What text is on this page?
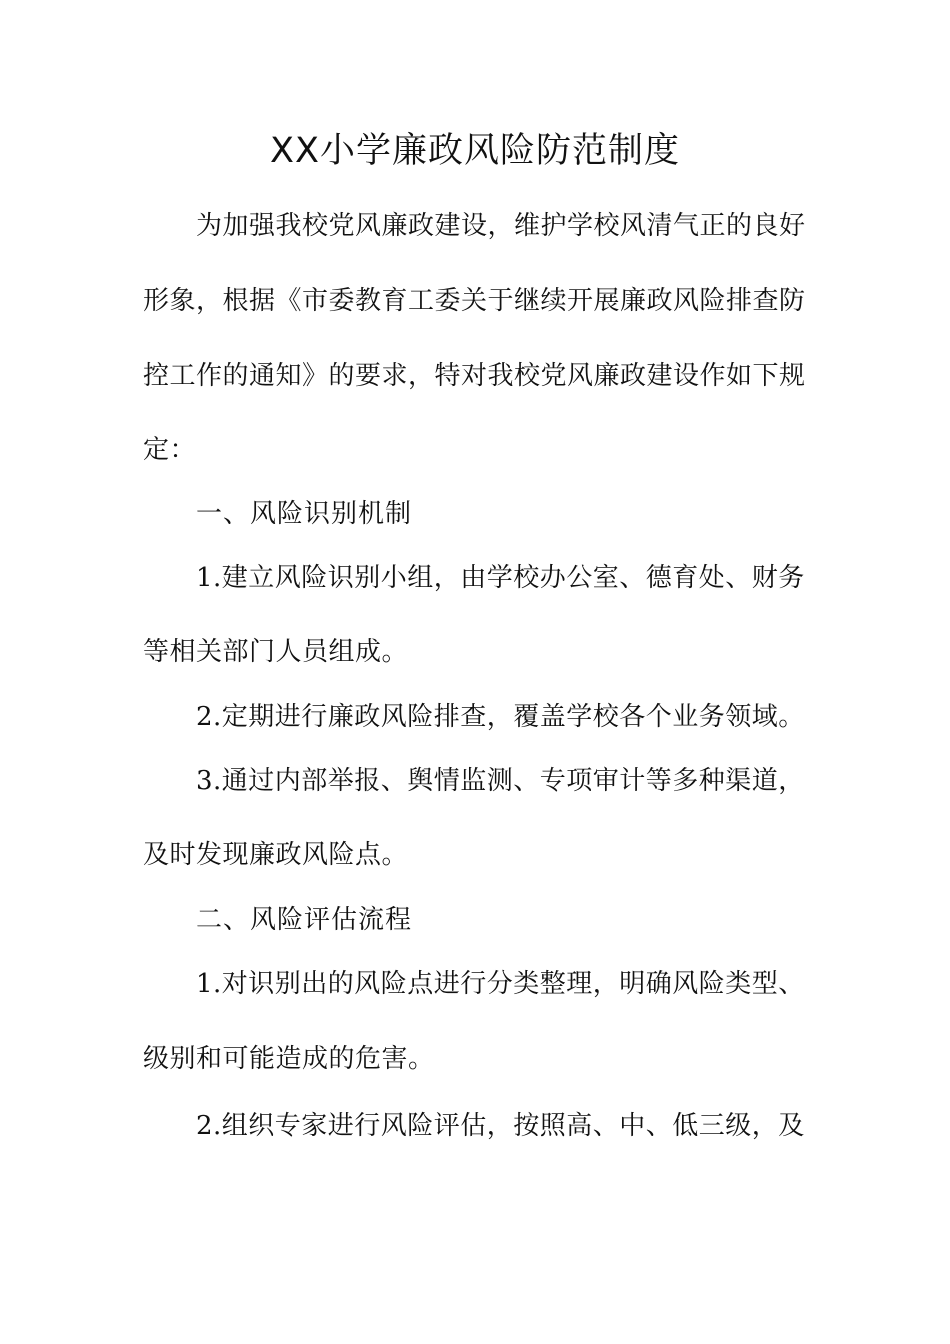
XX小学廉政风险防范制度
为加强我校党风廉政建设，维护学校风清气正的良好
形象，根据《市委教育工委关于继续开展廉政风险排查防
控工作的通知》的要求，特对我校党风廉政建设作如下规
定：
一、风险识别机制
1.建立风险识别小组，由学校办公室、德育处、财务
等相关部门人员组成。
2.定期进行廉政风险排查，覆盖学校各个业务领域。
3.通过内部举报、舆情监测、专项审计等多种渠道，
及时发现廉政风险点。
二、风险评估流程
1.对识别出的风险点进行分类整理，明确风险类型、
级别和可能造成的危害。
2.组织专家进行风险评估，按照高、中、低三级，及
